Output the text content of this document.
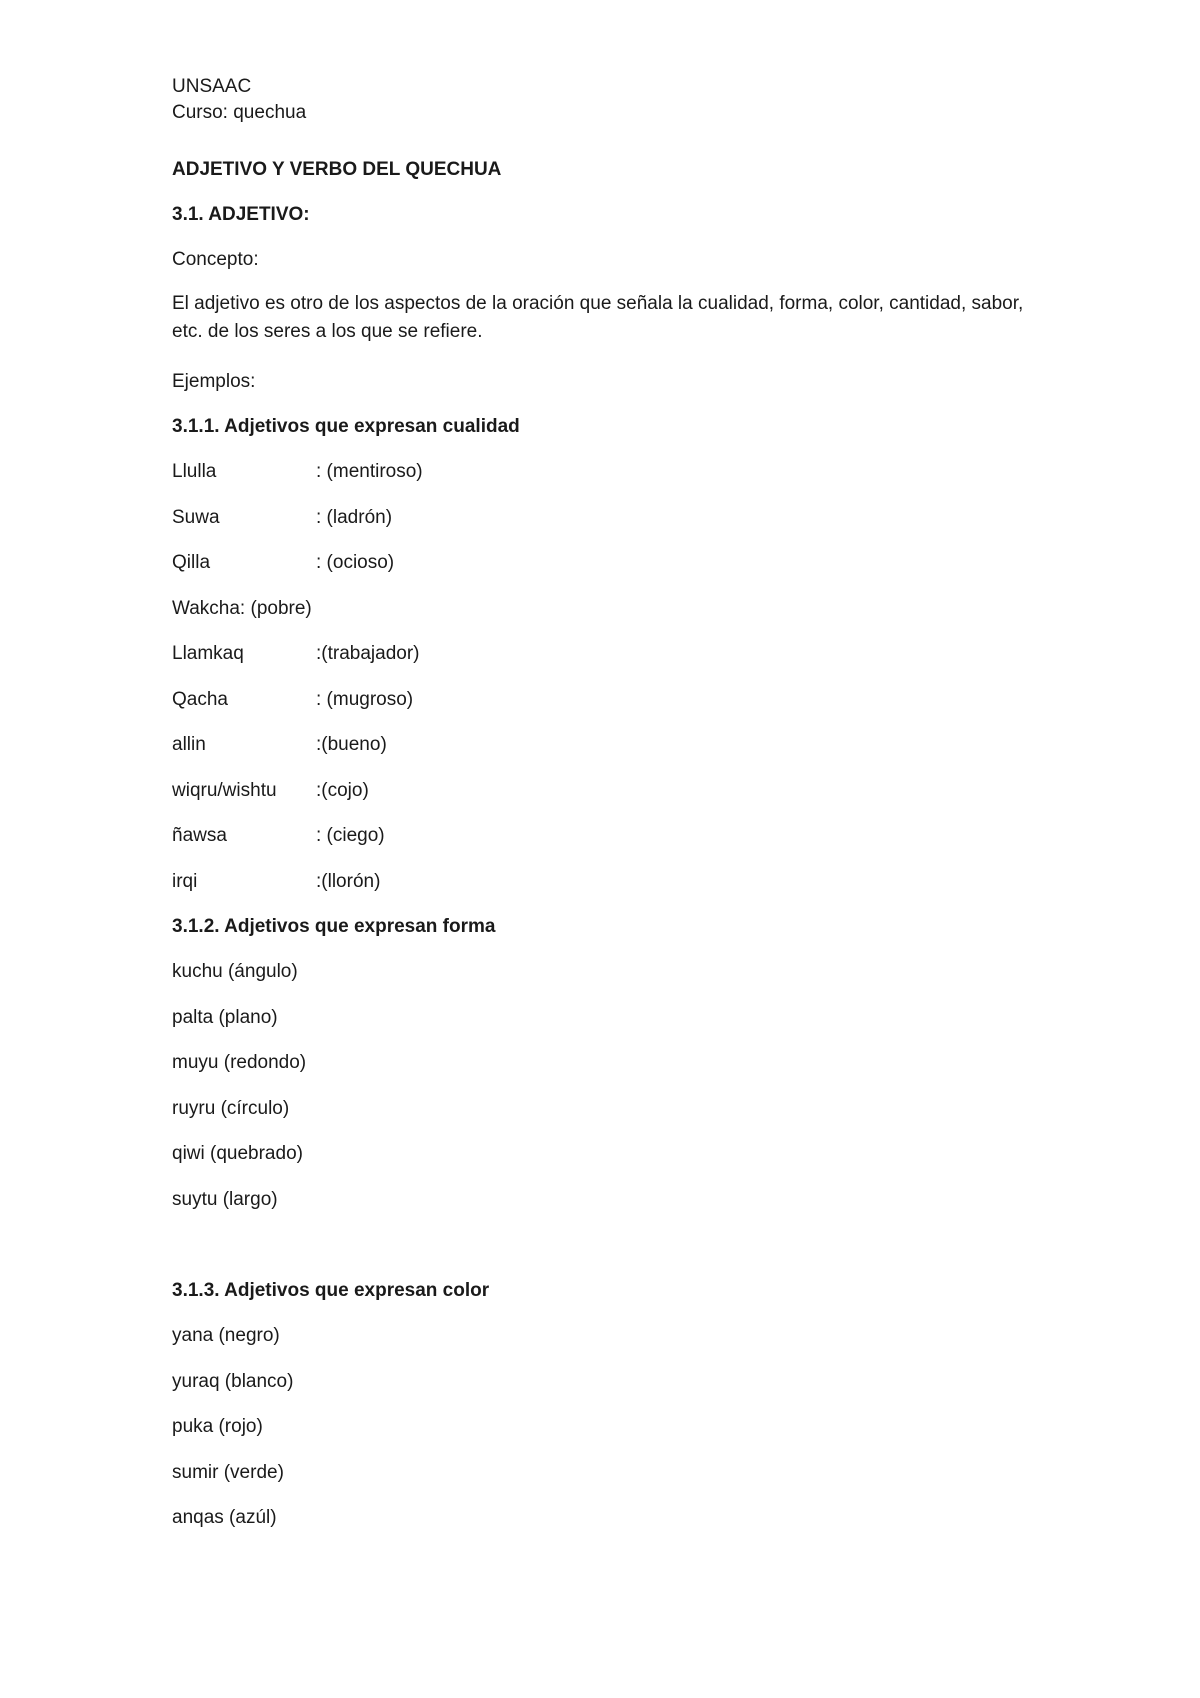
UNSAAC
Curso: quechua
ADJETIVO Y VERBO DEL QUECHUA
3.1. ADJETIVO:
Concepto:
El adjetivo es otro de los aspectos de la oración que señala la cualidad, forma, color, cantidad, sabor, etc. de los seres a los que se refiere.
Ejemplos:
3.1.1. Adjetivos que expresan cualidad
Llulla	: (mentiroso)
Suwa	: (ladrón)
Qilla	: (ocioso)
Wakcha: (pobre)
Llamkaq	:(trabajador)
Qacha	: (mugroso)
allin	:(bueno)
wiqru/wishtu :(cojo)
ñawsa	: (ciego)
irqi	:(llorón)
3.1.2. Adjetivos que expresan forma
kuchu (ángulo)
palta (plano)
muyu (redondo)
ruyru (círculo)
qiwi (quebrado)
suytu (largo)
3.1.3. Adjetivos que expresan color
yana (negro)
yuraq (blanco)
puka (rojo)
sumir (verde)
anqas (azúl)
